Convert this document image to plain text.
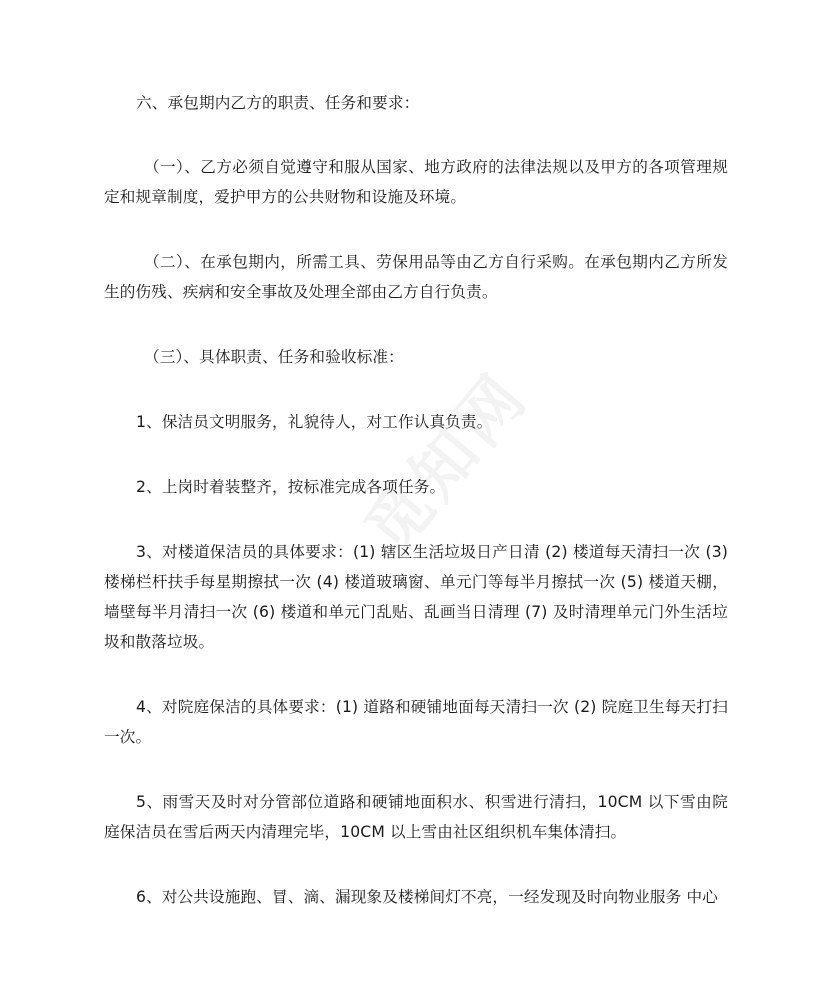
六、承包期内乙方的职责、任务和要求：

（一）、乙方必须自觉遵守和服从国家、地方政府的法律法规以及甲方的各项管理规定和规章制度，爱护甲方的公共财物和设施及环境。

（二）、在承包期内，所需工具、劳保用品等由乙方自行采购。在承包期内乙方所发生的伤残、疾病和安全事故及处理全部由乙方自行负责。

（三）、具体职责、任务和验收标准：

1、保洁员文明服务，礼貌待人，对工作认真负责。

2、上岗时着装整齐，按标准完成各项任务。

3、对楼道保洁员的具体要求：(1) 辖区生活垃圾日产日清 (2) 楼道每天清扫一次 (3) 楼梯栏杆扶手每星期擦拭一次 (4) 楼道玻璃窗、单元门等每半月擦拭一次 (5) 楼道天棚，墙壁每半月清扫一次 (6) 楼道和单元门乱贴、乱画当日清理 (7) 及时清理单元门外生活垃圾和散落垃圾。

4、对院庭保洁的具体要求：(1) 道路和硬铺地面每天清扫一次 (2) 院庭卫生每天打扫一次。

5、雨雪天及时对分管部位道路和硬铺地面积水、积雪进行清扫，10CM 以下雪由院庭保洁员在雪后两天内清理完毕，10CM 以上雪由社区组织机车集体清扫。

6、对公共设施跑、冒、滴、漏现象及楼梯间灯不亮，一经发现及时向物业服务 中心
